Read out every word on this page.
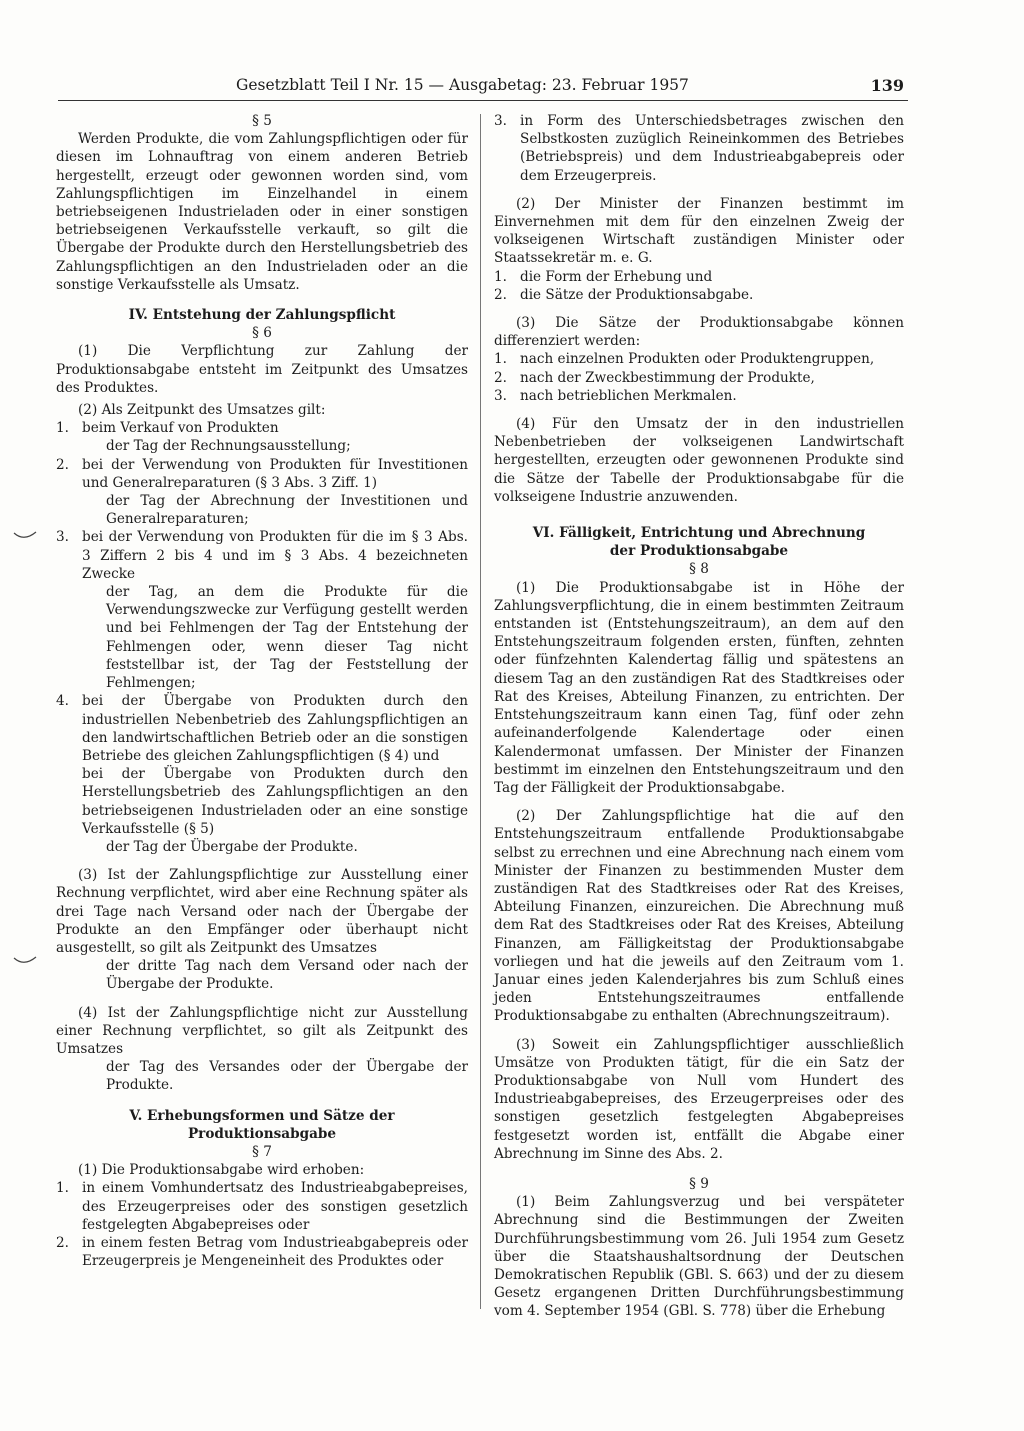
Gesetzblatt Teil I Nr. 15 — Ausgabetag: 23. Februar 1957	139

§ 5

Werden Produkte, die vom Zahlungspflichtigen oder für diesen im Lohnauftrag von einem anderen Betrieb hergestellt, erzeugt oder gewonnen worden sind, vom Zahlungspflichtigen im Einzelhandel in einem betriebseigenen Industrieladen oder in einer sonstigen betriebseigenen Verkaufsstelle verkauft, so gilt die Übergabe der Produkte durch den Herstellungsbetrieb des Zahlungspflichtigen an den Industrieladen oder an die sonstige Verkaufsstelle als Umsatz.

IV. Entstehung der Zahlungspflicht

§ 6

(1) Die Verpflichtung zur Zahlung der Produktionsabgabe entsteht im Zeitpunkt des Umsatzes des Produktes.

(2) Als Zeitpunkt des Umsatzes gilt:

1. beim Verkauf von Produkten

der Tag der Rechnungsausstellung;

2. bei der Verwendung von Produkten für Investitionen und Generalreparaturen (§ 3 Abs. 3 Ziff. 1)

der Tag der Abrechnung der Investitionen und Generalreparaturen;

3. bei der Verwendung von Produkten für die im § 3 Abs. 3 Ziffern 2 bis 4 und im § 3 Abs. 4 bezeichneten Zwecke

der Tag, an dem die Produkte für die Verwendungszwecke zur Verfügung gestellt werden und bei Fehlmengen der Tag der Entstehung der Fehlmengen oder, wenn dieser Tag nicht feststellbar ist, der Tag der Feststellung der Fehlmengen;

4. bei der Übergabe von Produkten durch den industriellen Nebenbetrieb des Zahlungspflichtigen an den landwirtschaftlichen Betrieb oder an die sonstigen Betriebe des gleichen Zahlungspflichtigen (§ 4) und

bei der Übergabe von Produkten durch den Herstellungsbetrieb des Zahlungspflichtigen an den betriebseigenen Industrieladen oder an eine sonstige Verkaufsstelle (§ 5)

der Tag der Übergabe der Produkte.

(3) Ist der Zahlungspflichtige zur Ausstellung einer Rechnung verpflichtet, wird aber eine Rechnung später als drei Tage nach Versand oder nach der Übergabe der Produkte an den Empfänger oder überhaupt nicht ausgestellt, so gilt als Zeitpunkt des Umsatzes

der dritte Tag nach dem Versand oder nach der Übergabe der Produkte.

(4) Ist der Zahlungspflichtige nicht zur Ausstellung einer Rechnung verpflichtet, so gilt als Zeitpunkt des Umsatzes

der Tag des Versandes oder der Übergabe der Produkte.

V. Erhebungsformen und Sätze der Produktionsabgabe

§ 7

(1) Die Produktionsabgabe wird erhoben:

1. in einem Vomhundertsatz des Industrieabgabepreises, des Erzeugerpreises oder des sonstigen gesetzlich festgelegten Abgabepreises oder
2. in einem festen Betrag vom Industrieabgabepreis oder Erzeugerpreis je Mengeneinheit des Produktes oder
3. in Form des Unterschiedsbetrages zwischen den Selbstkosten zuzüglich Reineinkommen des Betriebes (Betriebspreis) und dem Industrieabgabepreis oder dem Erzeugerpreis.

(2) Der Minister der Finanzen bestimmt im Einvernehmen mit dem für den einzelnen Zweig der volkseigenen Wirtschaft zuständigen Minister oder Staatssekretär m. e. G.

1. die Form der Erhebung und
2. die Sätze der Produktionsabgabe.

(3) Die Sätze der Produktionsabgabe können differenziert werden:

1. nach einzelnen Produkten oder Produktengruppen,
2. nach der Zweckbestimmung der Produkte,
3. nach betrieblichen Merkmalen.

(4) Für den Umsatz der in den industriellen Nebenbetrieben der volkseigenen Landwirtschaft hergestellten, erzeugten oder gewonnenen Produkte sind die Sätze der Tabelle der Produktionsabgabe für die volkseigene Industrie anzuwenden.

VI. Fälligkeit, Entrichtung und Abrechnung

der Produktionsabgabe

§ 8

(1) Die Produktionsabgabe ist in Höhe der Zahlungsverpflichtung, die in einem bestimmten Zeitraum entstanden ist (Entstehungszeitraum), an dem auf den Entstehungszeitraum folgenden ersten, fünften, zehnten oder fünfzehnten Kalendertag fällig und spätestens an diesem Tag an den zuständigen Rat des Stadtkreises oder Rat des Kreises, Abteilung Finanzen, zu entrichten. Der Entstehungszeitraum kann einen Tag, fünf oder zehn aufeinanderfolgende Kalendertage oder einen Kalendermonat umfassen. Der Minister der Finanzen bestimmt im einzelnen den Entstehungszeitraum und den Tag der Fälligkeit der Produktionsabgabe.

(2) Der Zahlungspflichtige hat die auf den Entstehungszeitraum entfallende Produktionsabgabe selbst zu errechnen und eine Abrechnung nach einem vom Minister der Finanzen zu bestimmenden Muster dem zuständigen Rat des Stadtkreises oder Rat des Kreises, Abteilung Finanzen, einzureichen. Die Abrechnung muß dem Rat des Stadtkreises oder Rat des Kreises, Abteilung Finanzen, am Fälligkeitstag der Produktionsabgabe vorliegen und hat die jeweils auf den Zeitraum vom 1. Januar eines jeden Kalenderjahres bis zum Schluß eines jeden Entstehungszeitraumes entfallende Produktionsabgabe zu enthalten (Abrechnungszeitraum).

(3) Soweit ein Zahlungspflichtiger ausschließlich Umsätze von Produkten tätigt, für die ein Satz der Produktionsabgabe von Null vom Hundert des Industrieabgabepreises, des Erzeugerpreises oder des sonstigen gesetzlich festgelegten Abgabepreises festgesetzt worden ist, entfällt die Abgabe einer Abrechnung im Sinne des Abs. 2.

§ 9

(1) Beim Zahlungsverzug und bei verspäteter Abrechnung sind die Bestimmungen der Zweiten Durchführungsbestimmung vom 26. Juli 1954 zum Gesetz über die Staatshaushaltsordnung der Deutschen Demokratischen Republik (GBl. S. 663) und der zu diesem Gesetz ergangenen Dritten Durchführungsbestimmung vom 4. September 1954 (GBl. S. 778) über die Erhebung
